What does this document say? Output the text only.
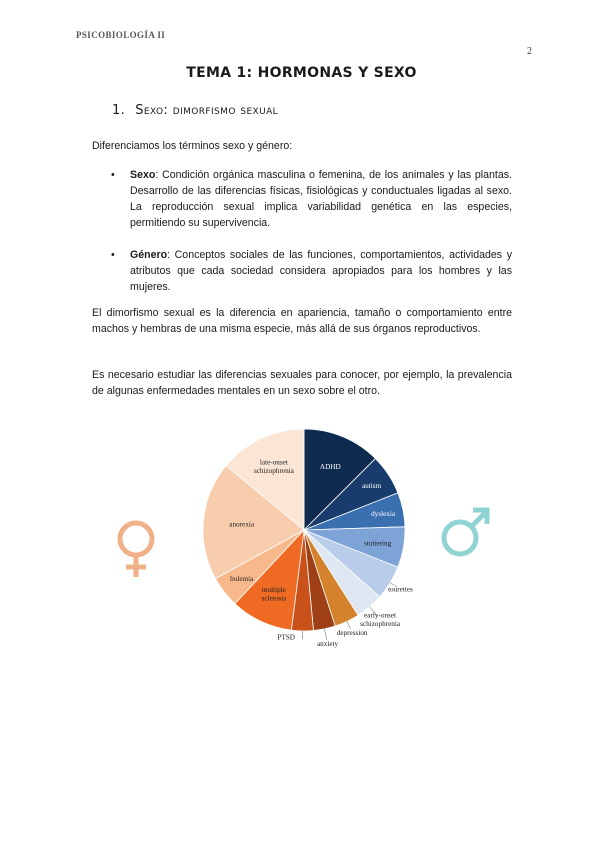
PSICOBIOLOGÍA II
2
TEMA 1: HORMONAS Y SEXO
1. Sexo: dimorfismo sexual
Diferenciamos los términos sexo y género:
• Sexo: Condición orgánica masculina o femenina, de los animales y las plantas. Desarrollo de las diferencias físicas, fisiológicas y conductuales ligadas al sexo. La reproducción sexual implica variabilidad genética en las especies, permitiendo su supervivencia.
• Género: Conceptos sociales de las funciones, comportamientos, actividades y atributos que cada sociedad considera apropiados para los hombres y las mujeres.
El dimorfismo sexual es la diferencia en apariencia, tamaño o comportamiento entre machos y hembras de una misma especie, más allá de sus órganos reproductivos.
Es necesario estudiar las diferencias sexuales para conocer, por ejemplo, la prevalencia de algunas enfermedades mentales en un sexo sobre el otro.
ADHD
autism
dyslexia
stuttering
tourettes
early-onset schizophrenia
depression
anxiety
PTSD
multiple sclerosis
bulemia
anorexia
late-onset schizophrenia
